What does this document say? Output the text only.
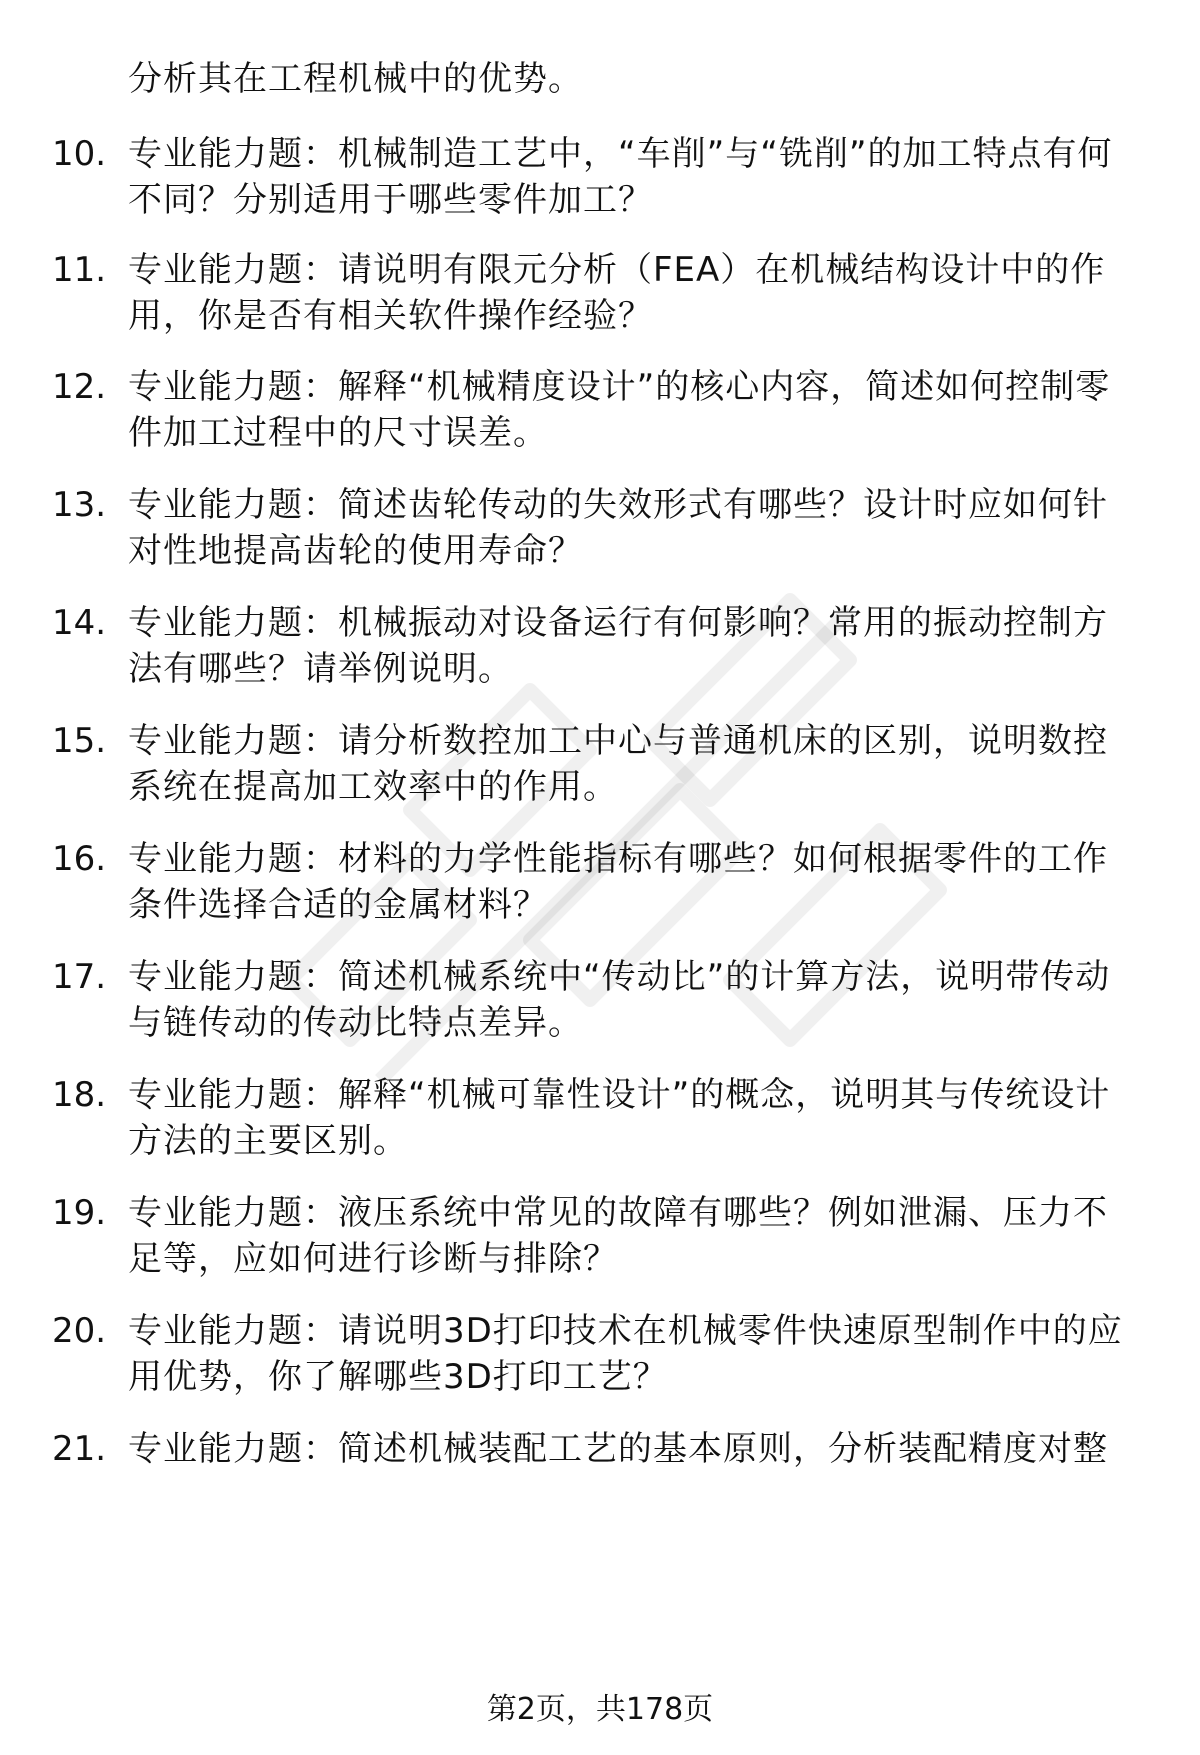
分析其在工程机械中的优势。
10. 专业能力题：机械制造工艺中，“车削”与“铣削”的加工特点有何不同？分别适用于哪些零件加工？
11. 专业能力题：请说明有限元分析（FEA）在机械结构设计中的作用，你是否有相关软件操作经验？
12. 专业能力题：解释“机械精度设计”的核心内容，简述如何控制零件加工过程中的尺寸误差。
13. 专业能力题：简述齿轮传动的失效形式有哪些？设计时应如何针对性地提高齿轮的使用寿命？
14. 专业能力题：机械振动对设备运行有何影响？常用的振动控制方法有哪些？请举例说明。
15. 专业能力题：请分析数控加工中心与普通机床的区别，说明数控系统在提高加工效率中的作用。
16. 专业能力题：材料的力学性能指标有哪些？如何根据零件的工作条件选择合适的金属材料？
17. 专业能力题：简述机械系统中“传动比”的计算方法，说明带传动与链传动的传动比特点差异。
18. 专业能力题：解释“机械可靠性设计”的概念，说明其与传统设计方法的主要区别。
19. 专业能力题：液压系统中常见的故障有哪些？例如泄漏、压力不足等，应如何进行诊断与排除？
20. 专业能力题：请说明3D打印技术在机械零件快速原型制作中的应用优势，你了解哪些3D打印工艺？
21. 专业能力题：简述机械装配工艺的基本原则，分析装配精度对整
第2页，共178页
